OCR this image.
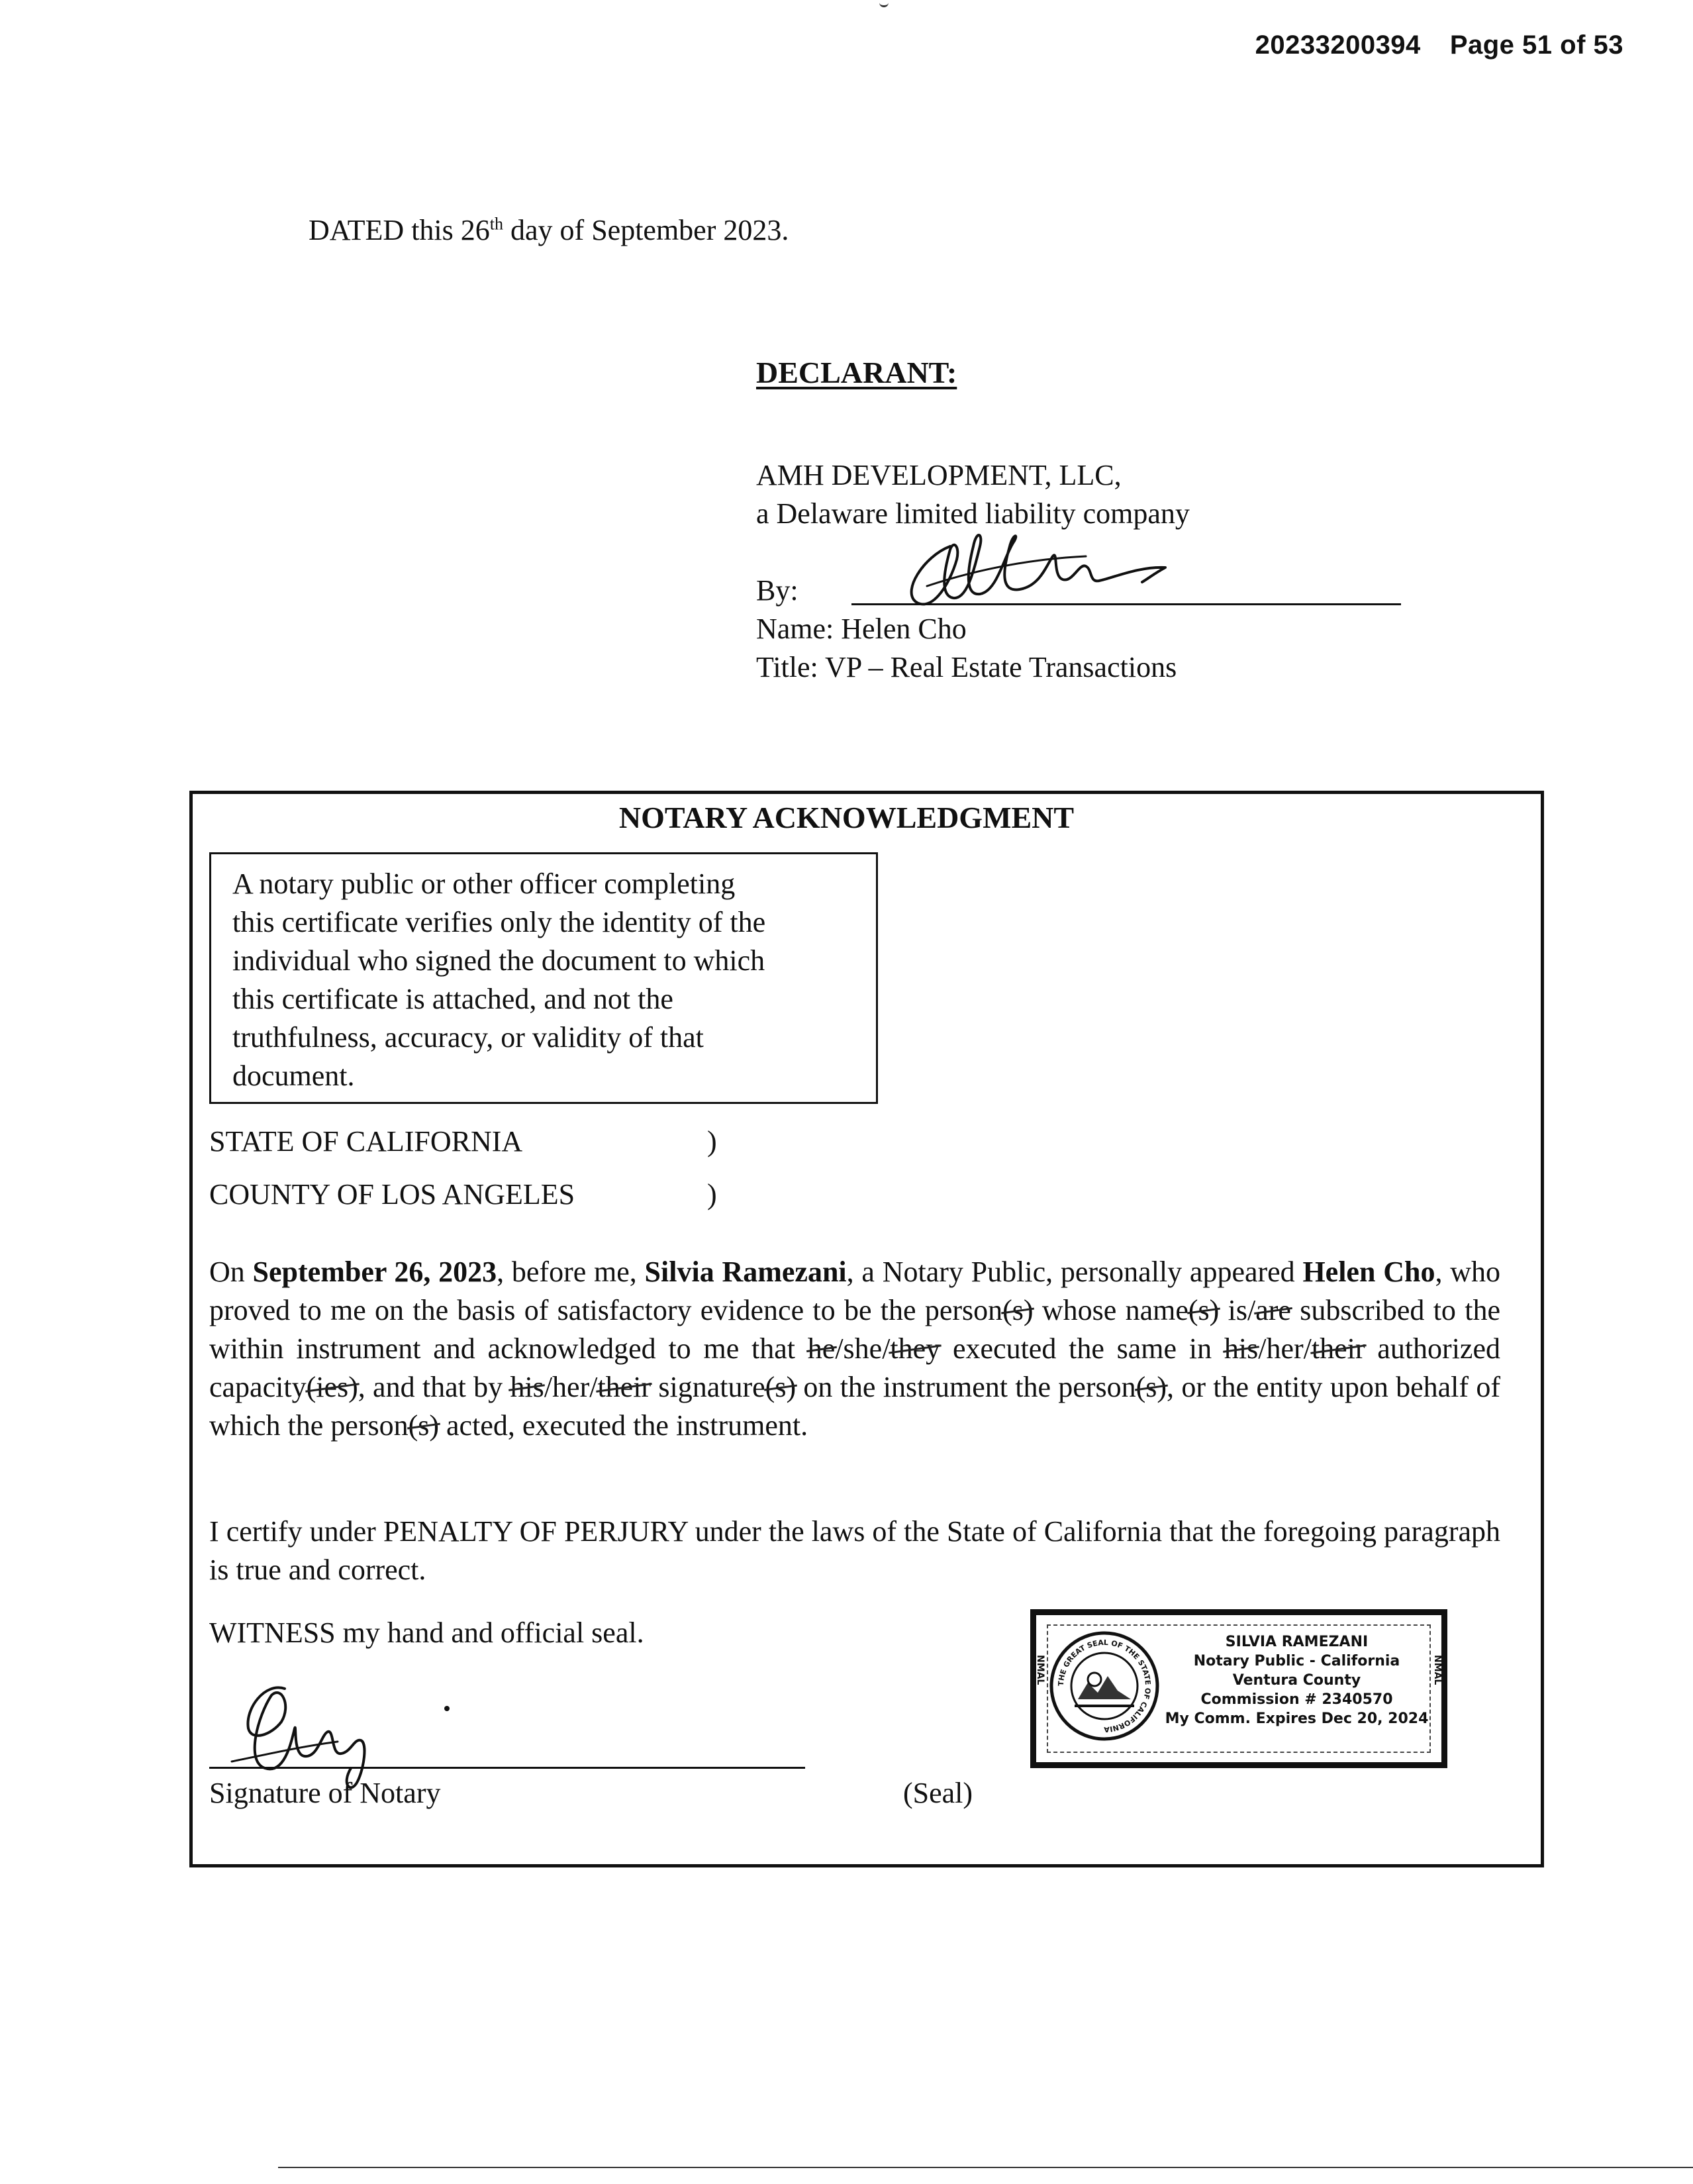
20233200394 Page 51 of 53
DATED this 26th day of September 2023.
DECLARANT:
AMH DEVELOPMENT, LLC,
a Delaware limited liability company
By:
Name: Helen Cho
Title: VP – Real Estate Transactions
NOTARY ACKNOWLEDGMENT
A notary public or other officer completing
this certificate verifies only the identity of the
individual who signed the document to which
this certificate is attached, and not the
truthfulness, accuracy, or validity of that
document.
STATE OF CALIFORNIA	)
COUNTY OF LOS ANGELES	)
On September 26, 2023, before me, Silvia Ramezani, a Notary Public, personally appeared Helen Cho, who proved to me on the basis of satisfactory evidence to be the person(s) whose name(s) is/are subscribed to the within instrument and acknowledged to me that he/she/they executed the same in his/her/their authorized capacity(ies), and that by his/her/their signature(s) on the instrument the person(s), or the entity upon behalf of which the person(s) acted, executed the instrument.
I certify under PENALTY OF PERJURY under the laws of the State of California that the foregoing paragraph is true and correct.
WITNESS my hand and official seal.
Signature of Notary	(Seal)
THE GREAT SEAL OF THE STATE OF CALIFORNIA
NMAL	NMAL
SILVIA RAMEZANI
Notary Public - California
Ventura County
Commission # 2340570
My Comm. Expires Dec 20, 2024
